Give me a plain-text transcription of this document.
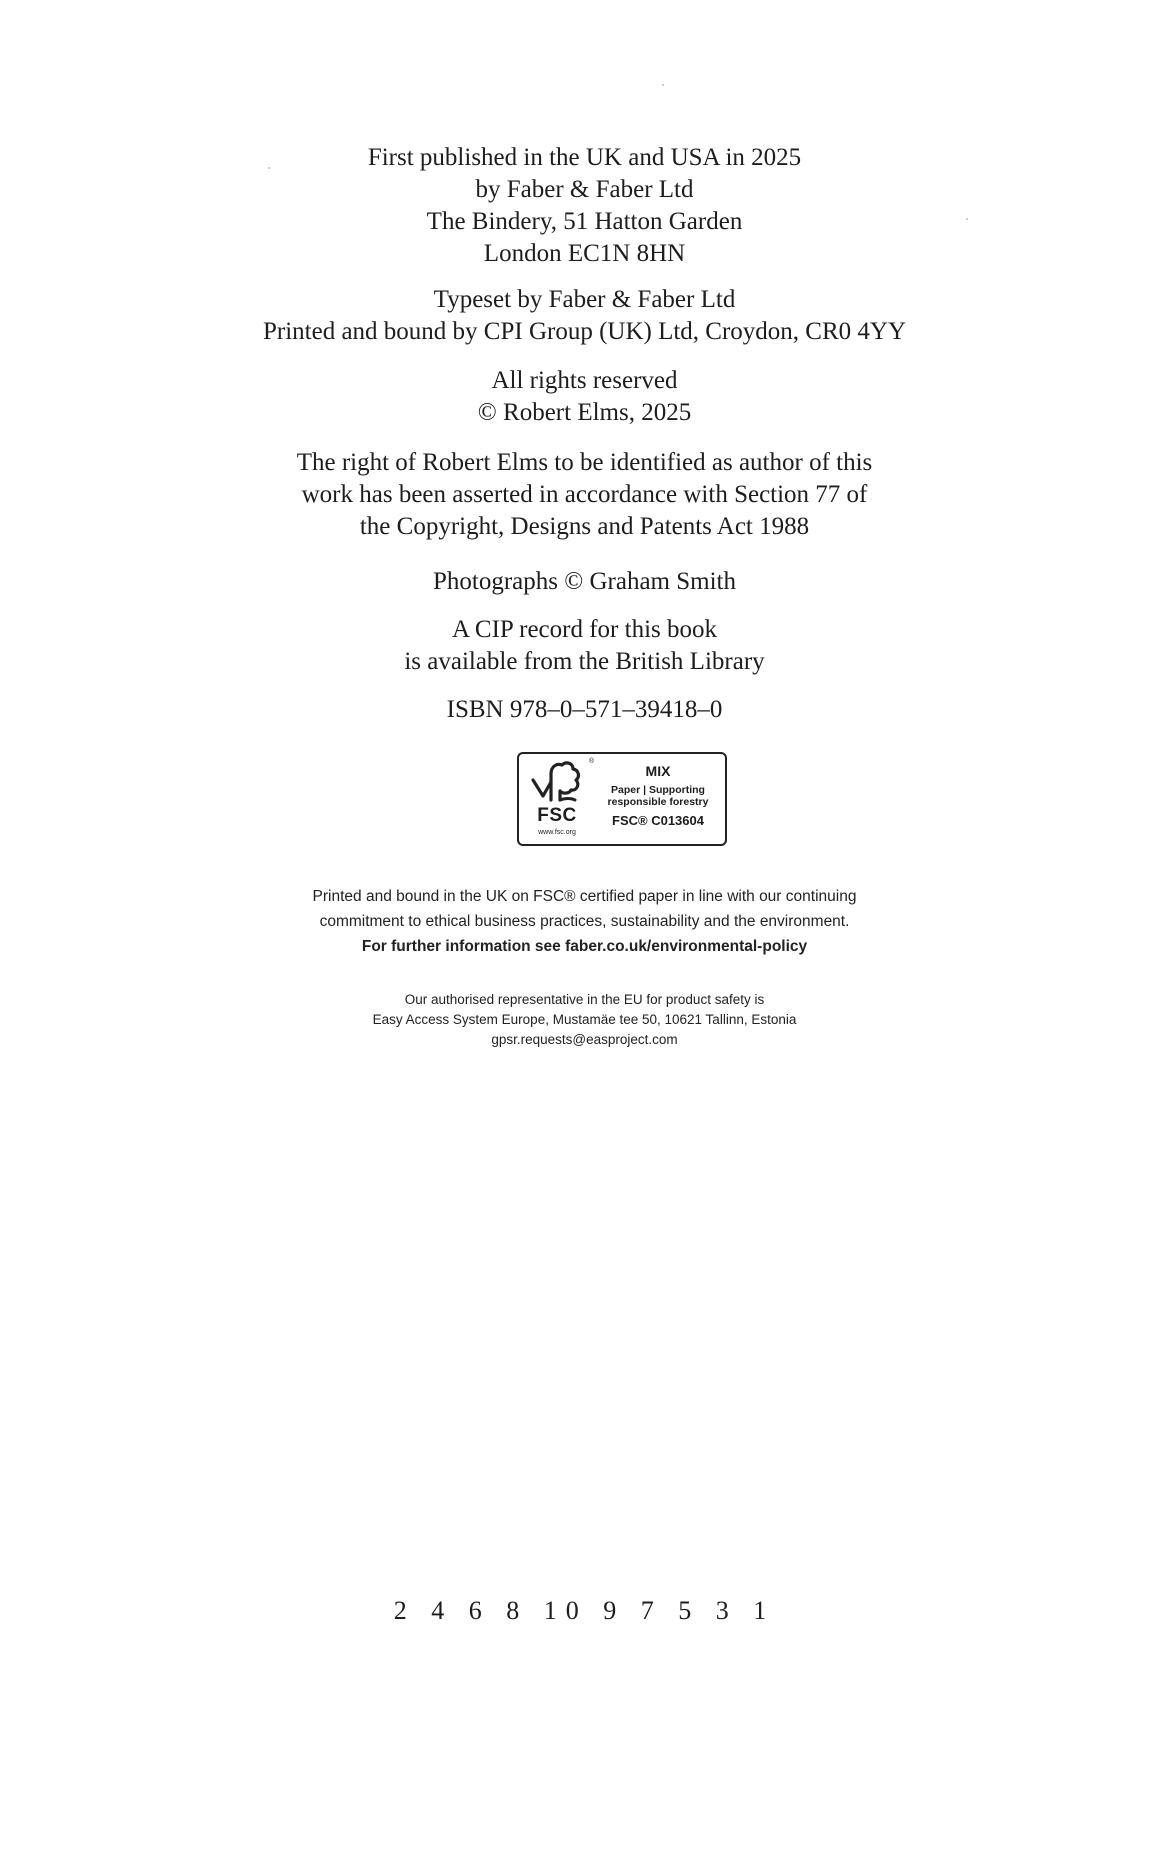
First published in the UK and USA in 2025
by Faber & Faber Ltd
The Bindery, 51 Hatton Garden
London EC1N 8HN
Typeset by Faber & Faber Ltd
Printed and bound by CPI Group (UK) Ltd, Croydon, CR0 4YY
All rights reserved
© Robert Elms, 2025
The right of Robert Elms to be identified as author of this
work has been asserted in accordance with Section 77 of
the Copyright, Designs and Patents Act 1988
Photographs © Graham Smith
A CIP record for this book
is available from the British Library
ISBN 978–0–571–39418–0
®
FSC
www.fsc.org
MIX
Paper | Supporting
responsible forestry
FSC® C013604
Printed and bound in the UK on FSC® certified paper in line with our continuing
commitment to ethical business practices, sustainability and the environment.
For further information see faber.co.uk/environmental-policy
Our authorised representative in the EU for product safety is
Easy Access System Europe, Mustamäe tee 50, 10621 Tallinn, Estonia
gpsr.requests@easproject.com
2 4 6 8 10 9 7 5 3 1
